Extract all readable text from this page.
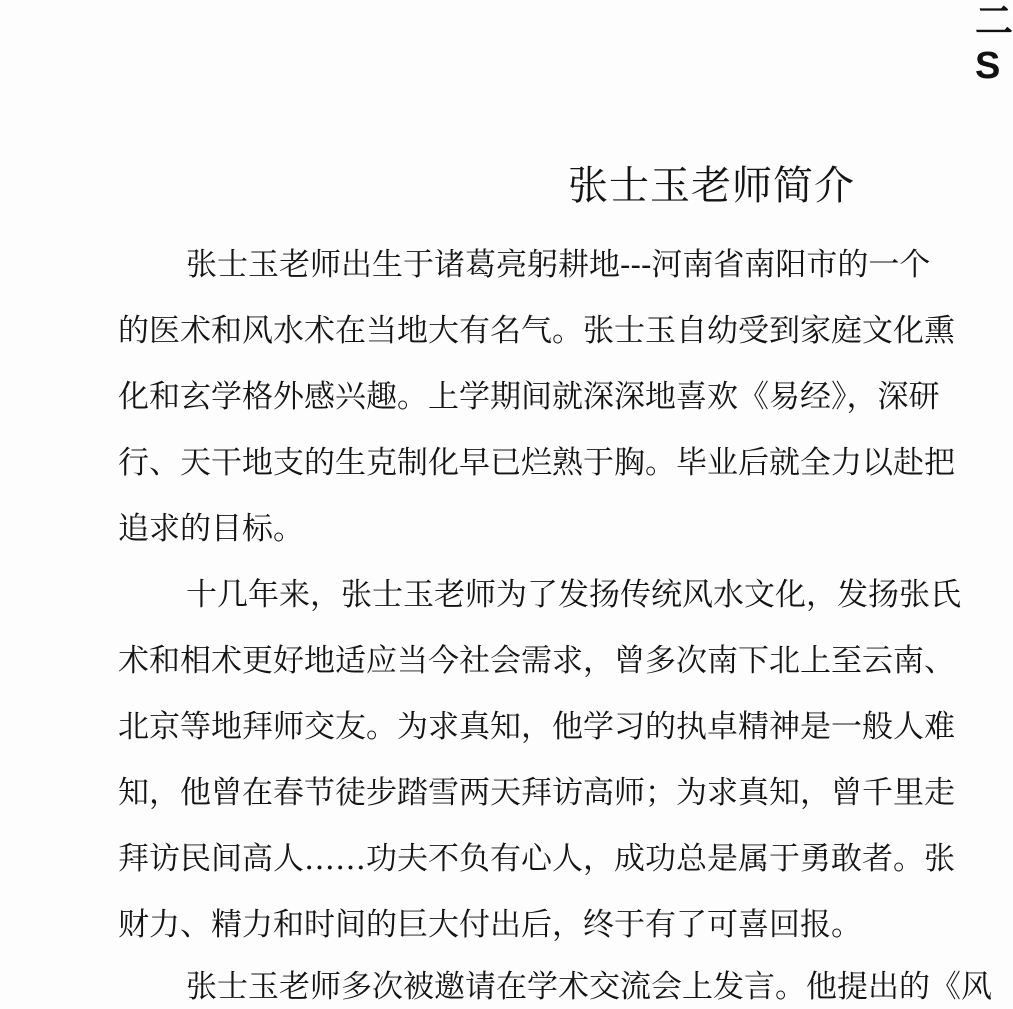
二
S
张士玉老师简介
张士玉老师出生于诸葛亮躬耕地---河南省南阳市的一个
的医术和风水术在当地大有名气。张士玉自幼受到家庭文化熏
化和玄学格外感兴趣。上学期间就深深地喜欢《易经》，深研
行、天干地支的生克制化早已烂熟于胸。毕业后就全力以赴把
追求的目标。
十几年来，张士玉老师为了发扬传统风水文化，发扬张氏
术和相术更好地适应当今社会需求，曾多次南下北上至云南、
北京等地拜师交友。为求真知，他学习的执卓精神是一般人难
知，他曾在春节徒步踏雪两天拜访高师；为求真知，曾千里走
拜访民间高人……功夫不负有心人，成功总是属于勇敢者。张
财力、精力和时间的巨大付出后，终于有了可喜回报。
张士玉老师多次被邀请在学术交流会上发言。他提出的《风
